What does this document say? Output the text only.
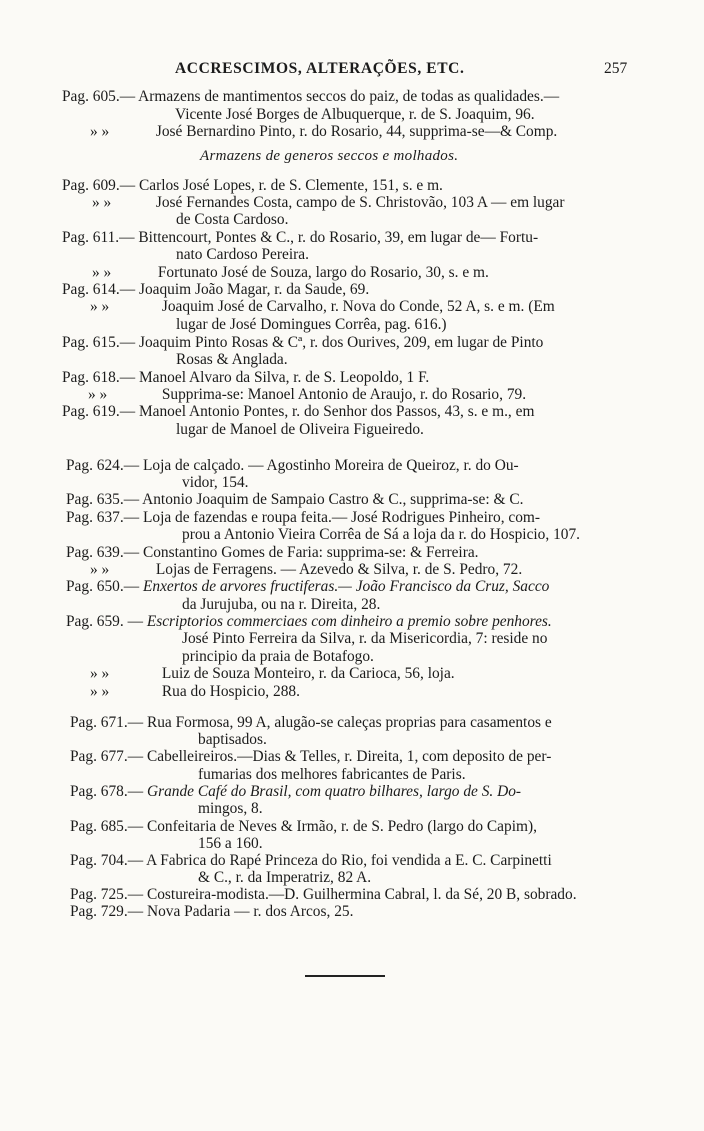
ACCRESCIMOS, ALTERAÇÕES, ETC.	257
Pag. 605.— Armazens de mantimentos seccos do paiz, de todas as qualidades.—
Vicente José Borges de Albuquerque, r. de S. Joaquim, 96.
» »	José Bernardino Pinto, r. do Rosario, 44, supprima-se—& Comp.
Armazens de generos seccos e molhados.
Pag. 609.— Carlos José Lopes, r. de S. Clemente, 151, s. e m.
» »	José Fernandes Costa, campo de S. Christovão, 103 A — em lugar
de Costa Cardoso.
Pag. 611.— Bittencourt, Pontes & C., r. do Rosario, 39, em lugar de— Fortu-
nato Cardoso Pereira.
» »	Fortunato José de Souza, largo do Rosario, 30, s. e m.
Pag. 614.— Joaquim João Magar, r. da Saude, 69.
» »	Joaquim José de Carvalho, r. Nova do Conde, 52 A, s. e m. (Em
lugar de José Domingues Corrêa, pag. 616.)
Pag. 615.— Joaquim Pinto Rosas & Cª, r. dos Ourives, 209, em lugar de Pinto
Rosas & Anglada.
Pag. 618.— Manoel Alvaro da Silva, r. de S. Leopoldo, 1 F.
» »	Supprima-se: Manoel Antonio de Araujo, r. do Rosario, 79.
Pag. 619.— Manoel Antonio Pontes, r. do Senhor dos Passos, 43, s. e m., em
lugar de Manoel de Oliveira Figueiredo.
Pag. 624.— Loja de calçado. — Agostinho Moreira de Queiroz, r. do Ou-
vidor, 154.
Pag. 635.— Antonio Joaquim de Sampaio Castro & C., supprima-se: & C.
Pag. 637.— Loja de fazendas e roupa feita.— José Rodrigues Pinheiro, com-
prou a Antonio Vieira Corrêa de Sá a loja da r. do Hospicio, 107.
Pag. 639.— Constantino Gomes de Faria: supprima-se: & Ferreira.
» »	Lojas de Ferragens. — Azevedo & Silva, r. de S. Pedro, 72.
Pag. 650.— Enxertos de arvores fructiferas.— João Francisco da Cruz, Sacco
da Jurujuba, ou na r. Direita, 28.
Pag. 659. — Escriptorios commerciaes com dinheiro a premio sobre penhores.
José Pinto Ferreira da Silva, r. da Misericordia, 7: reside no
principio da praia de Botafogo.
» »	Luiz de Souza Monteiro, r. da Carioca, 56, loja.
» »	Rua do Hospicio, 288.
Pag. 671.— Rua Formosa, 99 A, alugão-se caleças proprias para casamentos e
baptisados.
Pag. 677.— Cabelleireiros.—Dias & Telles, r. Direita, 1, com deposito de per-
fumarias dos melhores fabricantes de Paris.
Pag. 678.— Grande Café do Brasil, com quatro bilhares, largo de S. Do-
mingos, 8.
Pag. 685.— Confeitaria de Neves & Irmão, r. de S. Pedro (largo do Capim),
156 a 160.
Pag. 704.— A Fabrica do Rapé Princeza do Rio, foi vendida a E. C. Carpinetti
& C., r. da Imperatriz, 82 A.
Pag. 725.— Costureira-modista.—D. Guilhermina Cabral, l. da Sé, 20 B, sobrado.
Pag. 729.— Nova Padaria — r. dos Arcos, 25.
